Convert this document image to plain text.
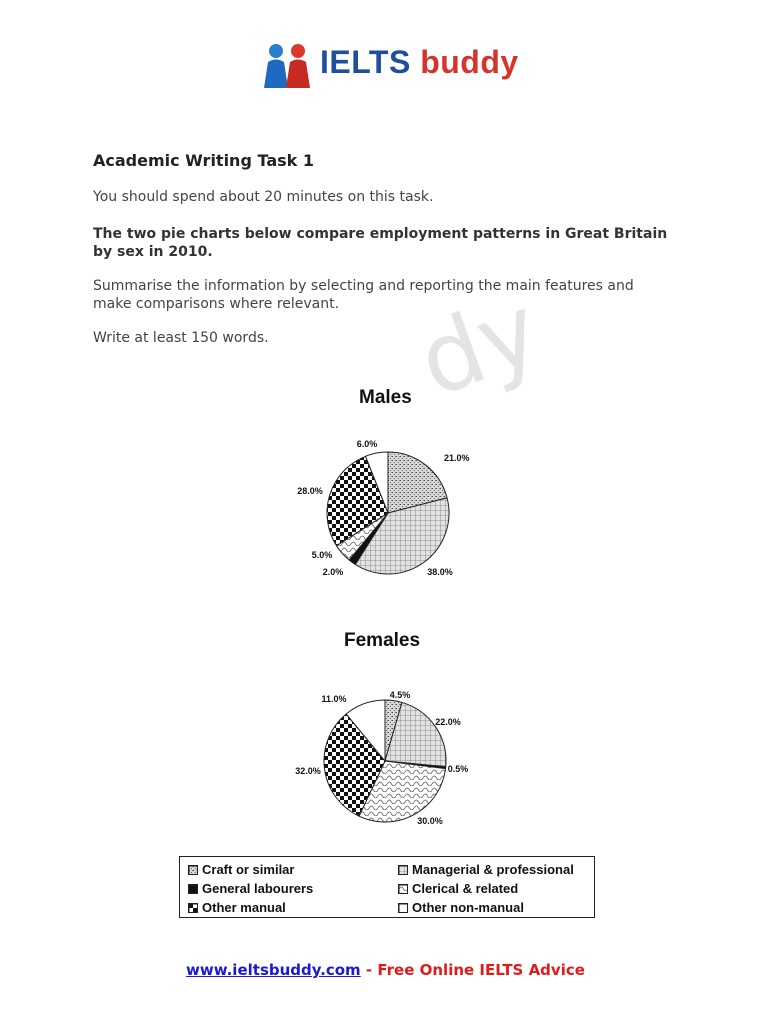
dy
IELTS buddy
Academic Writing Task 1
You should spend about 20 minutes on this task.
The two pie charts below compare employment patterns in Great Britain by sex in 2010.
Summarise the information by selecting and reporting the main features and make comparisons where relevant.
Write at least 150 words.
Males
Females
21.0%
38.0%
2.0%
5.0%
28.0%
6.0%
4.5%
22.0%
0.5%
30.0%
32.0%
11.0%
Craft or similar	Managerial & professional
General labourers	Clerical & related
Other manual	Other non-manual
www.ieltsbuddy.com - Free Online IELTS Advice
